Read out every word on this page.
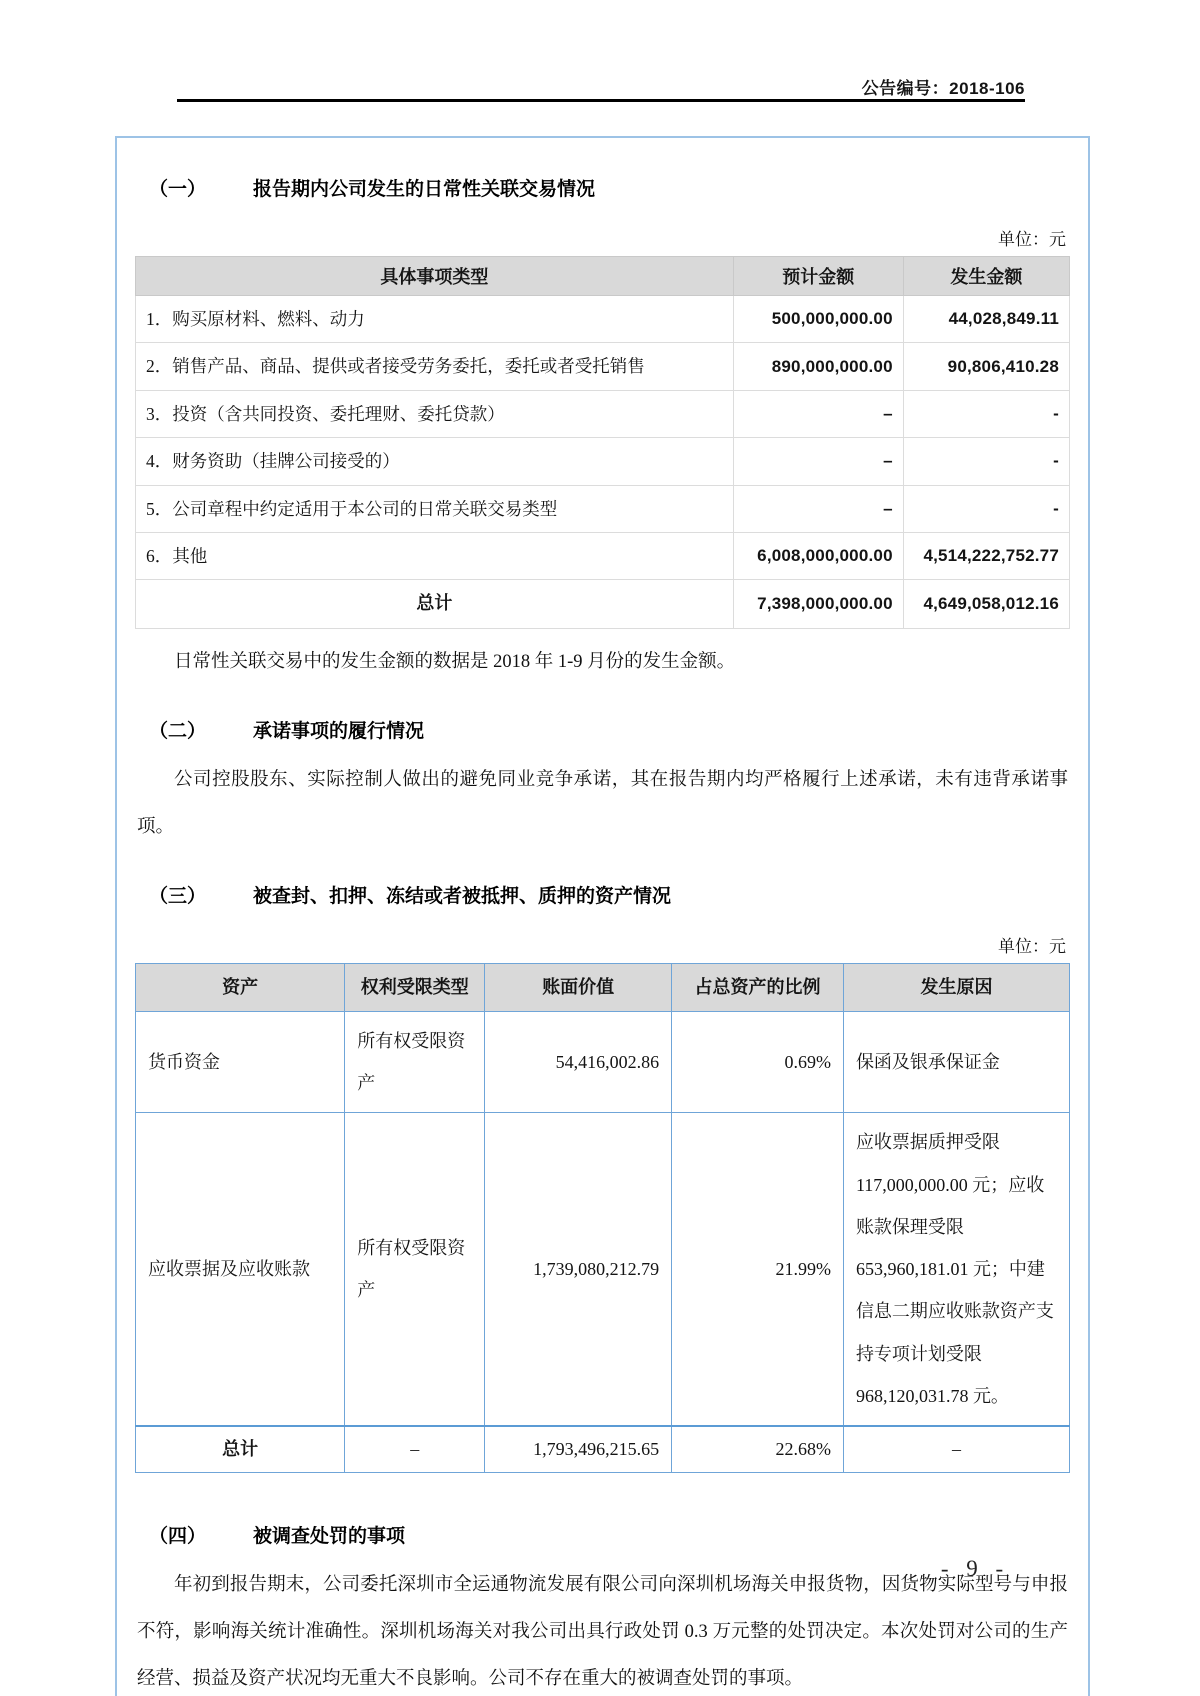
公告编号：2018-106
（一）	报告期内公司发生的日常性关联交易情况
单位：元
具体事项类型	预计金额	发生金额
1．购买原材料、燃料、动力	500,000,000.00	44,028,849.11
2．销售产品、商品、提供或者接受劳务委托，委托或者受托销售	890,000,000.00	90,806,410.28
3．投资（含共同投资、委托理财、委托贷款）	–	-
4．财务资助（挂牌公司接受的）	–	-
5．公司章程中约定适用于本公司的日常关联交易类型	–	-
6．其他	6,008,000,000.00	4,514,222,752.77
总计	7,398,000,000.00	4,649,058,012.16

日常性关联交易中的发生金额的数据是 2018 年 1-9 月份的发生金额。

（二）	承诺事项的履行情况

公司控股股东、实际控制人做出的避免同业竞争承诺，其在报告期内均严格履行上述承诺，未有违背承诺事项。

（三）	被查封、扣押、冻结或者被抵押、质押的资产情况
单位：元
资产	权利受限类型	账面价值	占总资产的比例	发生原因
货币资金	所有权受限资产	54,416,002.86	0.69%	保函及银承保证金
应收票据及应收账款	所有权受限资产	1,739,080,212.79	21.99%	应收票据质押受限 117,000,000.00 元；应收账款保理受限 653,960,181.01 元；中建信息二期应收账款资产支持专项计划受限 968,120,031.78 元。
总计	–	1,793,496,215.65	22.68%	–
（四）	被调查处罚的事项

年初到报告期末，公司委托深圳市全运通物流发展有限公司向深圳机场海关申报货物，因货物实际型号与申报不符，影响海关统计准确性。深圳机场海关对我公司出具行政处罚 0.3 万元整的处罚决定。本次处罚对公司的生产经营、损益及资产状况均无重大不良影响。公司不存在重大的被调查处罚的事项。

- 9 -
